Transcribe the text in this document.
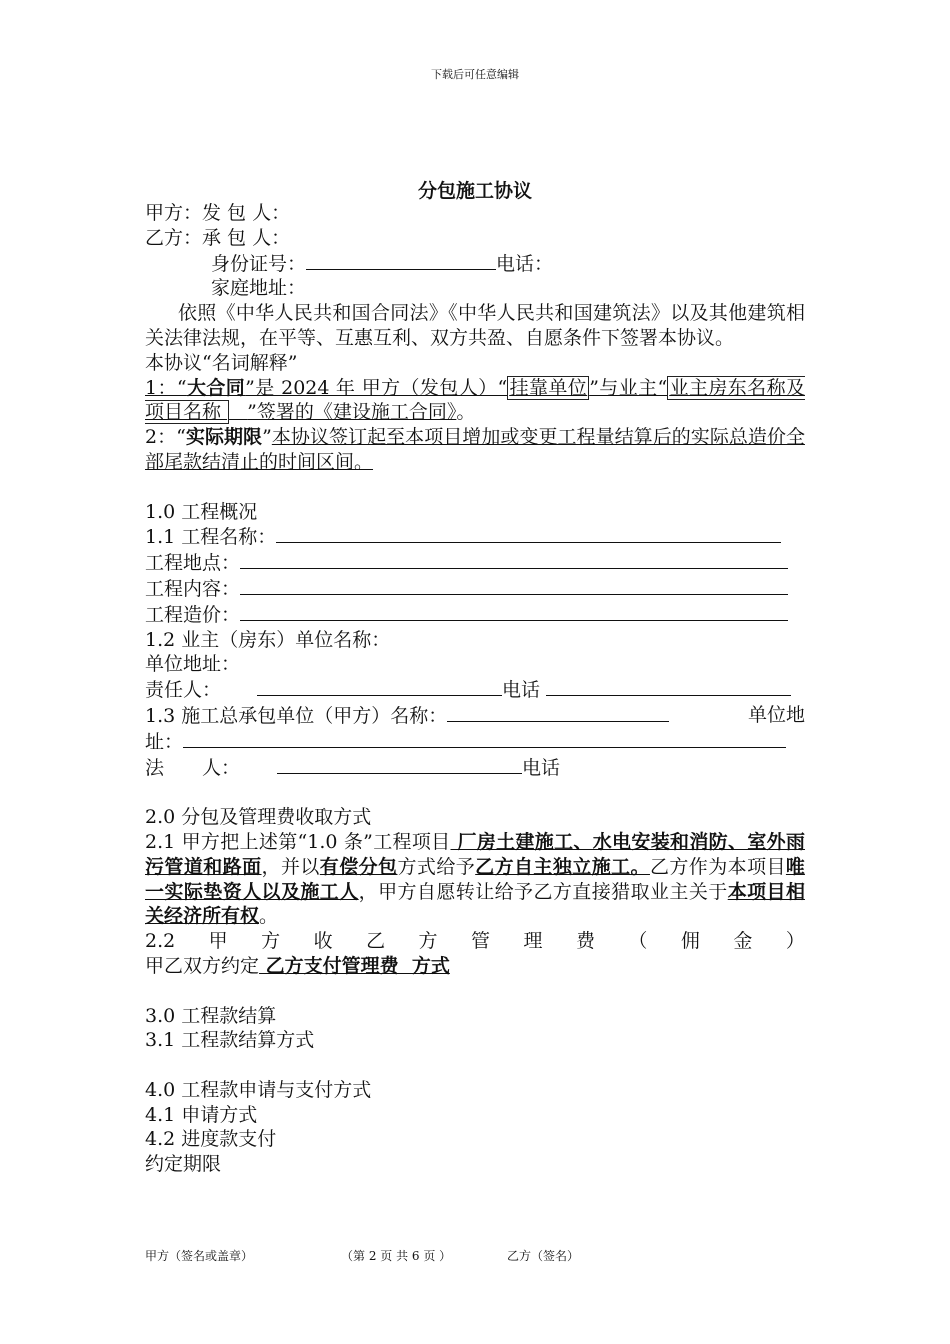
下载后可任意编辑
分包施工协议

甲方：发 包 人：

乙方：承 包 人：

身份证号：	电话：

家庭地址：

依照《中华人民共和国合同法》《中华人民共和国建筑法》以及其他建筑相关法律法规，在平等、互惠互利、双方共盈、自愿条件下签署本协议。

本协议“名词解释”

1：“大合同”是 2024 年 甲方（发包人）“ 挂靠单位 ”与业主“ 业主房东名称及项目名称    ”签署的《建设施工合同》。

2：“实际期限”本协议签订起至本项目增加或变更工程量结算后的实际总造价全部尾款结清止的时间区间。

1.0 工程概况

1.1 工程名称：

工程地点：

工程内容：

工程造价：

1.2 业主（房东）单位名称：

单位地址：

责任人：	电话

1.3 施工总承包单位（甲方）名称：	单位地

址：

法　　人：	电话

2.0 分包及管理费收取方式

2.1 甲方把上述第“1.0 条”工程项目 厂房土建施工、水电安装和消防、室外雨污管道和路面，并以有偿分包方式给予乙方自主独立施工。乙方作为本项目唯一实际垫资人以及施工人，甲方自愿转让给予乙方直接猎取业主关于本项目相关经济所有权。

2.2 甲 方 收 乙 方 管 理 费 （ 佣 金 ）

甲乙双方约定 乙方支付管理费  方式

3.0 工程款结算

3.1 工程款结算方式

4.0 工程款申请与支付方式

4.1 申请方式

4.2 进度款支付

约定期限

甲方（签名或盖章）	（第 2 页 共 6 页 ）	乙方（签名）
